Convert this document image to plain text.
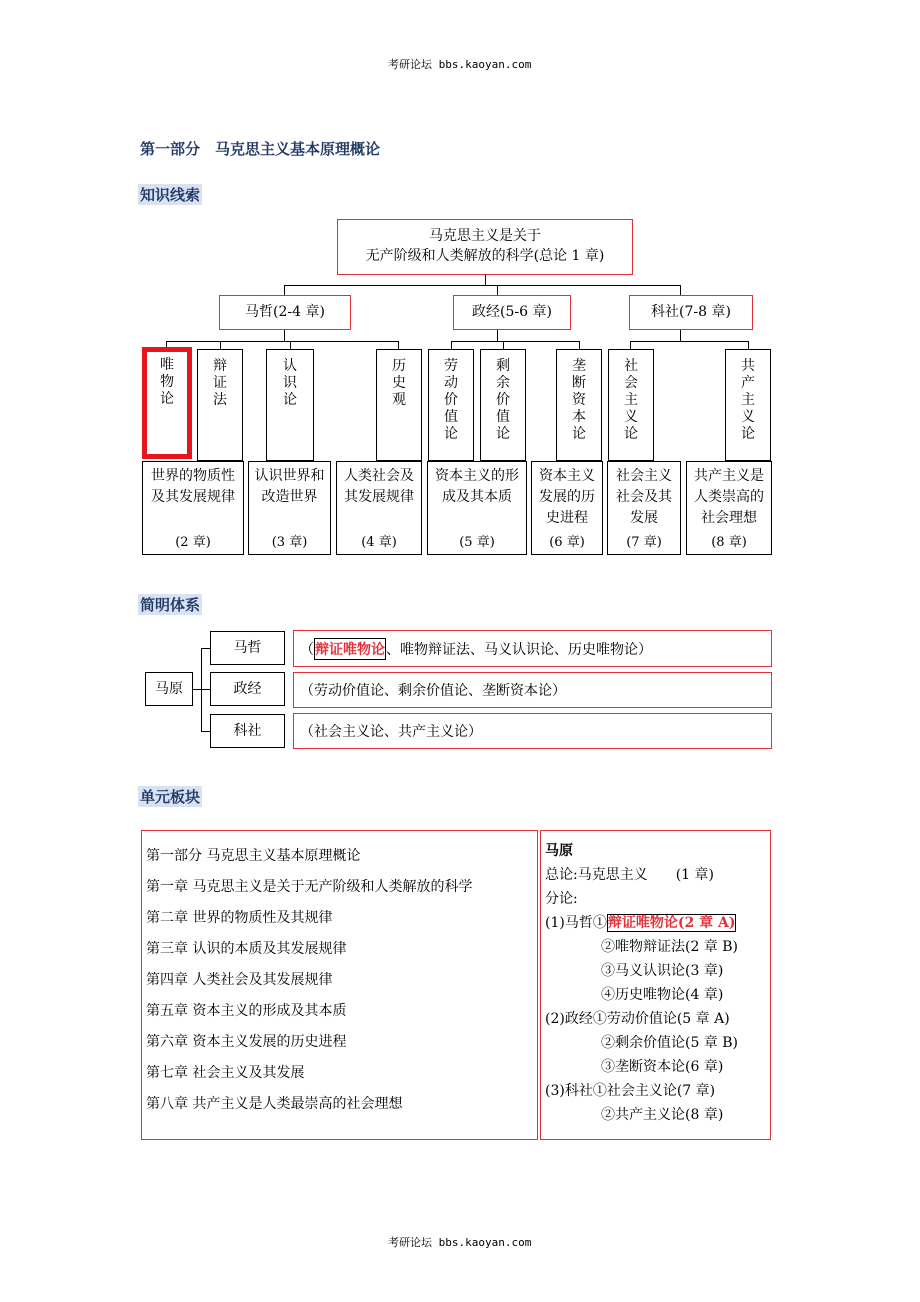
考研论坛 bbs.kaoyan.com
考研论坛 bbs.kaoyan.com
第一部分　马克思主义基本原理概论
知识线索
马克思主义是关于
无产阶级和人类解放的科学(总论 1 章)
马哲(2-4 章)	政经(5-6 章)	科社(7-8 章)
唯物论
辩证法
认识论
历史观
劳动价值论
剩余价值论
垄断资本论
社会主义论
共产主义论
世界的物质性及其发展规律
(2 章)
认识世界和改造世界
(3 章)
人类社会及其发展规律
(4 章)
资本主义的形成及其本质
(5 章)
资本主义发展的历史进程
(6 章)
社会主义社会及其发展
(7 章)
共产主义是人类崇高的社会理想
(8 章)
简明体系
马原
马哲
政经
科社
（ 辩证唯物论 、唯物辩证法、马义认识论、历史唯物论）
（劳动价值论、剩余价值论、垄断资本论）
（社会主义论、共产主义论）
单元板块
第一部分 马克思主义基本原理概论
第一章 马克思主义是关于无产阶级和人类解放的科学
第二章 世界的物质性及其规律
第三章 认识的本质及其发展规律
第四章 人类社会及其发展规律
第五章 资本主义的形成及其本质
第六章 资本主义发展的历史进程
第七章 社会主义及其发展
第八章 共产主义是人类最崇高的社会理想
马原
总论:马克思主义　　(1 章)
分论:
(1)马哲①辩证唯物论(2 章 A)
②唯物辩证法(2 章 B)
③马义认识论(3 章)
④历史唯物论(4 章)
(2)政经①劳动价值论(5 章 A)
②剩余价值论(5 章 B)
③垄断资本论(6 章)
(3)科社①社会主义论(7 章)
②共产主义论(8 章)
